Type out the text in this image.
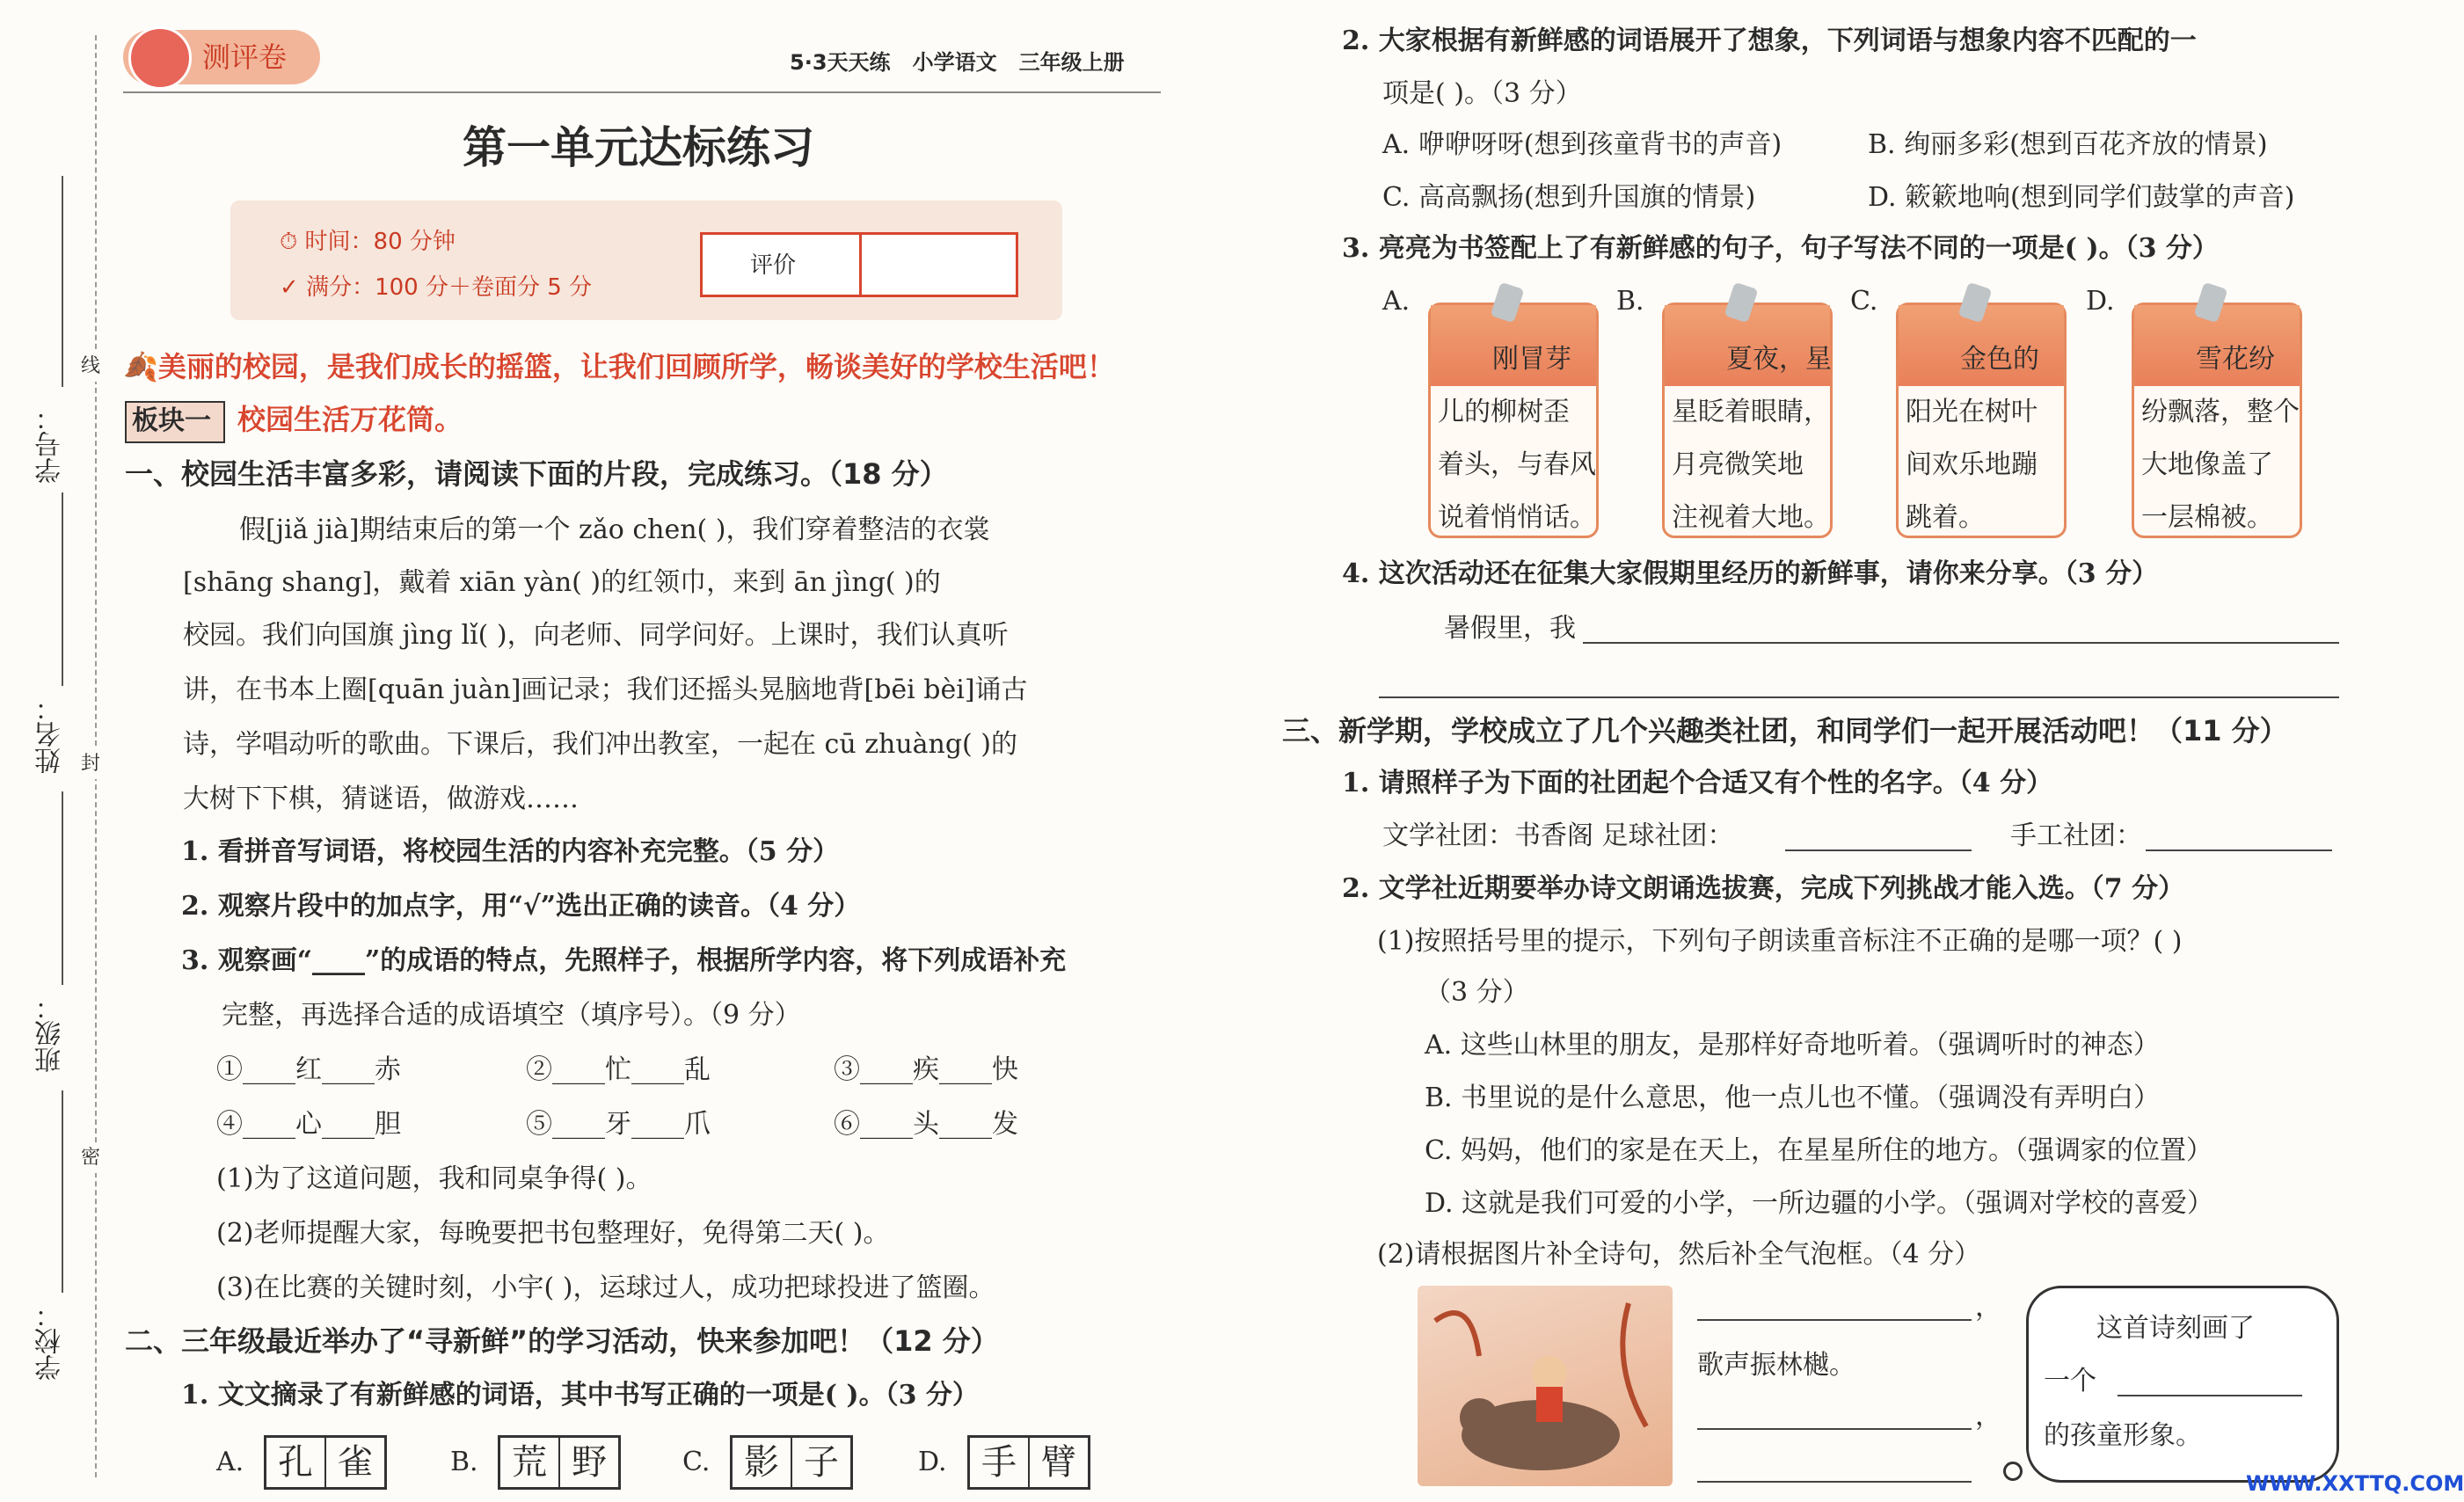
测评卷	5·3天天练 小学语文 三年级上册
第一单元达标练习
⏱ 时间：80 分钟
✓ 满分：100 分＋卷面分 5 分
评价
学号：
姓名：
班级：
学校：
线
封
密
🍂美丽的校园，是我们成长的摇篮，让我们回顾所学，畅谈美好的学校生活吧！
板块一 校园生活万花筒。
一、校园生活丰富多彩，请阅读下面的片段，完成练习。（18 分）
假[jiǎ jià]期结束后的第一个 zǎo chen( )，我们穿着整洁的衣裳
[shāng shang]，戴着 xiān yàn( )的红领巾，来到 ān jìng( )的
校园。我们向国旗 jìng lǐ( )，向老师、同学问好。上课时，我们认真听
讲，在书本上圈[quān juàn]画记录；我们还摇头晃脑地背[bēi bèi]诵古
诗，学唱动听的歌曲。下课后，我们冲出教室，一起在 cū zhuàng( )的
大树下下棋，猜谜语，做游戏……
1. 看拼音写词语，将校园生活的内容补充完整。（5 分）
2. 观察片段中的加点字，用“√”选出正确的读音。（4 分）
3. 观察画“____”的成语的特点，先照样子，根据所学内容，将下列成语补充
完整，再选择合适的成语填空（填序号）。（9 分）
①____红____赤	②____忙____乱	③____疾____快
④____心____胆	⑤____牙____爪	⑥____头____发
(1)为了这道问题，我和同桌争得( )。
(2)老师提醒大家，每晚要把书包整理好，免得第二天( )。
(3)在比赛的关键时刻，小宇( )，运球过人，成功把球投进了篮圈。
二、三年级最近举办了“寻新鲜”的学习活动，快来参加吧！（12 分）
1. 文文摘录了有新鲜感的词语，其中书写正确的一项是( )。（3 分）
A. 孔 雀	B. 荒 野	C. 影 子	D. 手 臂
2. 大家根据有新鲜感的词语展开了想象，下列词语与想象内容不匹配的一
项是( )。（3 分）
A. 咿咿呀呀(想到孩童背书的声音)	B. 绚丽多彩(想到百花齐放的情景)
C. 高高飘扬(想到升国旗的情景)	D. 簌簌地响(想到同学们鼓掌的声音)
3. 亮亮为书签配上了有新鲜感的句子，句子写法不同的一项是( )。（3 分）
A.
刚冒芽
儿的柳树歪
着头，与春风
说着悄悄话。
B.
夏夜，星
星眨着眼睛，
月亮微笑地
注视着大地。
C.
金色的
阳光在树叶
间欢乐地蹦
跳着。
D.
雪花纷
纷飘落，整个
大地像盖了
一层棉被。
4. 这次活动还在征集大家假期里经历的新鲜事，请你来分享。（3 分）
暑假里，我
三、新学期，学校成立了几个兴趣类社团，和同学们一起开展活动吧！（11 分）
1. 请照样子为下面的社团起个合适又有个性的名字。（4 分）
文学社团：书香阁 足球社团：	手工社团：
2. 文学社近期要举办诗文朗诵选拔赛，完成下列挑战才能入选。（7 分）
(1)按照括号里的提示，下列句子朗读重音标注不正确的是哪一项？( )
（3 分）
A. 这些山林里的朋友，是那样好奇地听着。（强调听时的神态）
B. 书里说的是什么意思，他一点儿也不懂。（强调没有弄明白）
C. 妈妈，他们的家是在天上，在星星所住的地方。（强调家的位置）
D. 这就是我们可爱的小学，一所边疆的小学。（强调对学校的喜爱）
(2)请根据图片补全诗句，然后补全气泡框。（4 分）
，
歌声振林樾。
，
这首诗刻画了
一个
的孩童形象。
WWW.XXTTQ.COM
